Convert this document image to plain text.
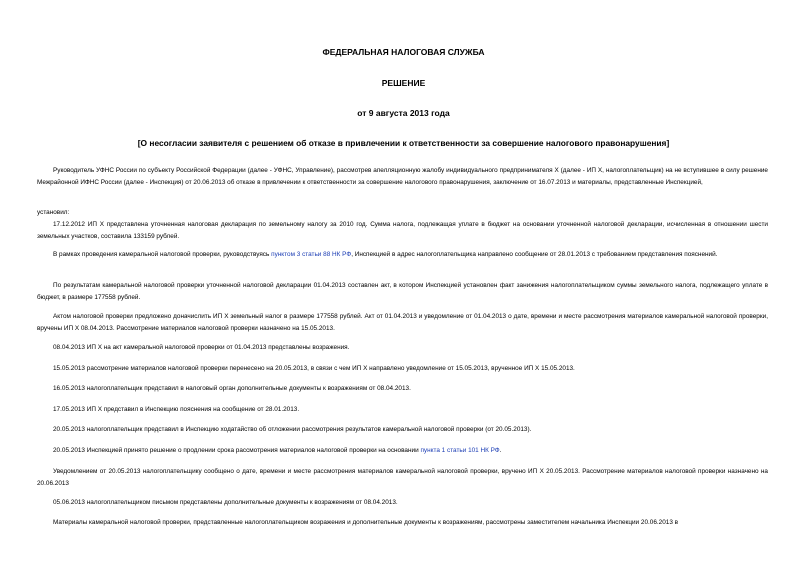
ФЕДЕРАЛЬНАЯ НАЛОГОВАЯ СЛУЖБА
РЕШЕНИЕ
от 9 августа 2013 года
[О несогласии заявителя с решением об отказе в привлечении к ответственности за совершение налогового правонарушения]

Руководитель УФНС России по субъекту Российской Федерации (далее - УФНС, Управление), рассмотрев апелляционную жалобу индивидуального предпринимателя Х (далее - ИП Х, налогоплательщик) на не вступившее в силу решение Межрайонной ИФНС России (далее - Инспекция) от 20.06.2013 об отказе в привлечении к ответственности за совершение налогового правонарушения, заключение от 16.07.2013 и материалы, представленные Инспекцией,

установил:

17.12.2012 ИП Х представлена уточненная налоговая декларация по земельному налогу за 2010 год. Сумма налога, подлежащая уплате в бюджет на основании уточненной налоговой декларации, исчисленная в отношении шести земельных участков, составила 133159 рублей.

В рамках проведения камеральной налоговой проверки, руководствуясь пунктом 3 статьи 88 НК РФ, Инспекцией в адрес налогоплательщика направлено сообщение от 28.01.2013 с требованием представления пояснений.

По результатам камеральной налоговой проверки уточненной налоговой декларации 01.04.2013 составлен акт, в котором Инспекцией установлен факт занижения налогоплательщиком суммы земельного налога, подлежащего уплате в бюджет, в размере 177558 рублей.

Актом налоговой проверки предложено доначислить ИП Х земельный налог в размере 177558 рублей. Акт от 01.04.2013 и уведомление от 01.04.2013 о дате, времени и месте рассмотрения материалов камеральной налоговой проверки, вручены ИП Х 08.04.2013. Рассмотрение материалов налоговой проверки назначено на 15.05.2013.

08.04.2013 ИП Х на акт камеральной налоговой проверки от 01.04.2013 представлены возражения.

15.05.2013 рассмотрение материалов налоговой проверки перенесено на 20.05.2013, в связи с чем ИП Х направлено уведомление от 15.05.2013, врученное ИП Х 15.05.2013.

16.05.2013 налогоплательщик представил в налоговый орган дополнительные документы к возражениям от 08.04.2013.

17.05.2013 ИП Х представил в Инспекцию пояснения на сообщение от 28.01.2013.

20.05.2013 налогоплательщик представил в Инспекцию ходатайство об отложении рассмотрения результатов камеральной налоговой проверки (от 20.05.2013).

20.05.2013 Инспекцией принято решение о продлении срока рассмотрения материалов налоговой проверки на основании пункта 1 статьи 101 НК РФ.

Уведомлением от 20.05.2013 налогоплательщику сообщено о дате, времени и месте рассмотрения материалов камеральной налоговой проверки, вручено ИП Х 20.05.2013. Рассмотрение материалов налоговой проверки назначено на 20.06.2013

05.06.2013 налогоплательщиком письмом представлены дополнительные документы к возражениям от 08.04.2013.

Материалы камеральной налоговой проверки, представленные налогоплательщиком возражения и дополнительные документы к возражениям, рассмотрены заместителем начальника Инспекции 20.06.2013 в
